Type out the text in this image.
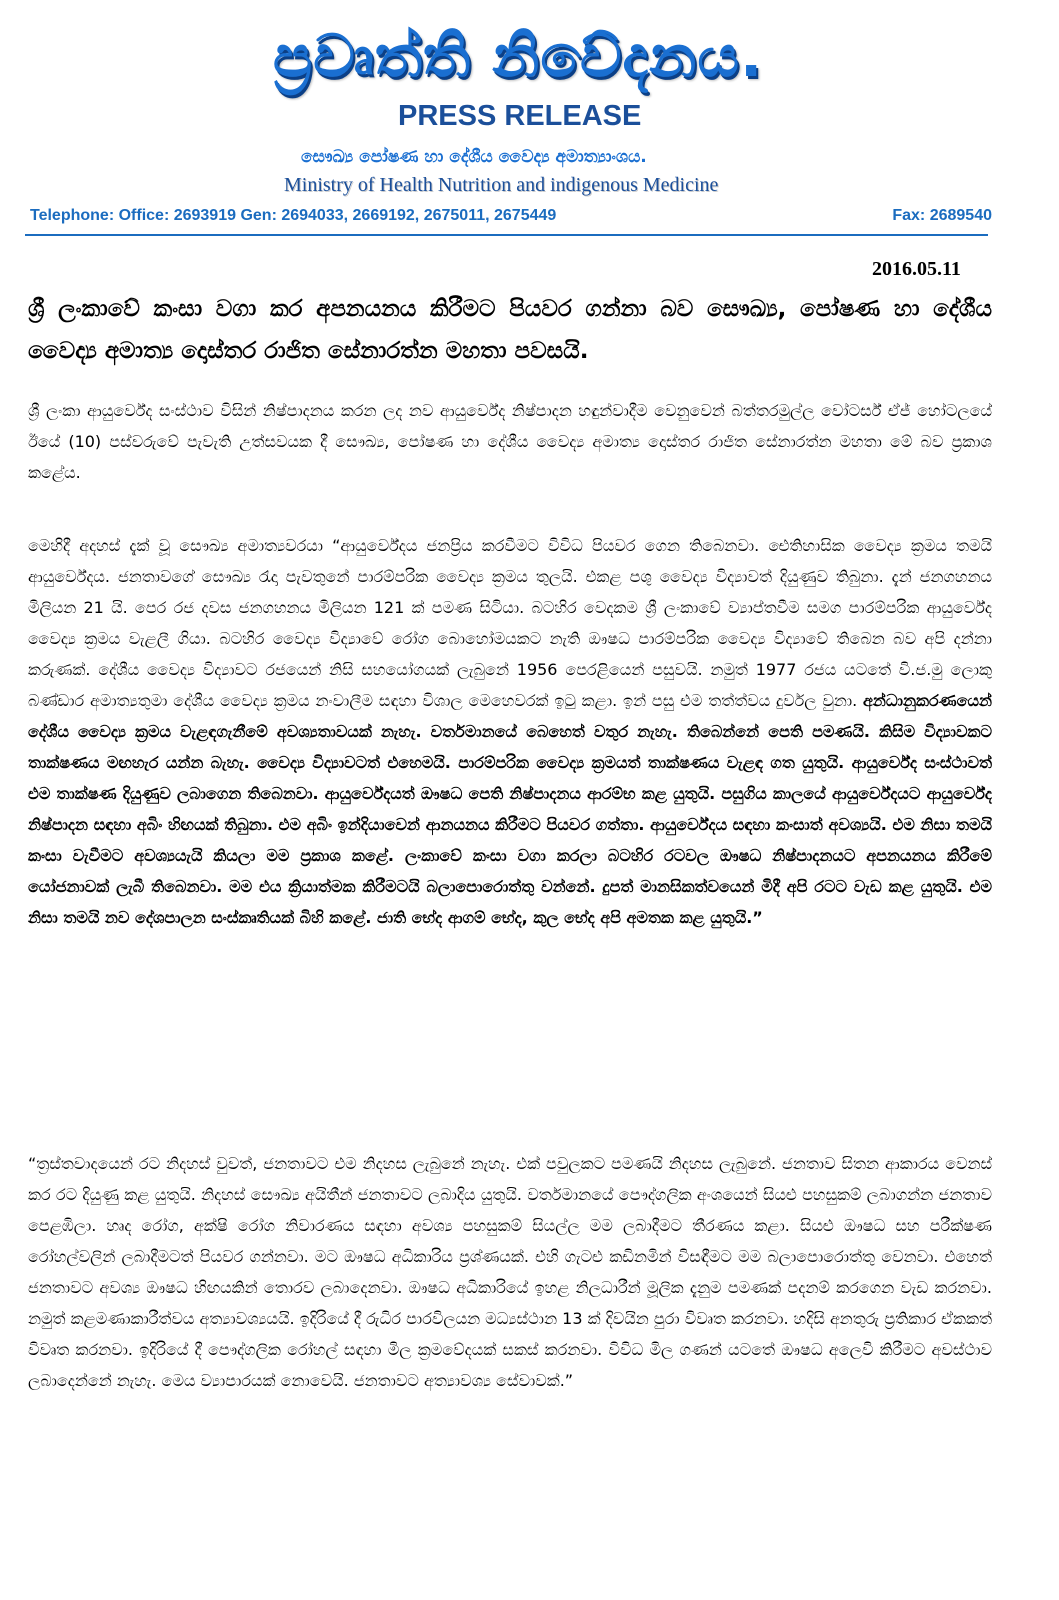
ප්‍රවෘත්ති නිවේදනය.
PRESS RELEASE
සෞඛ්‍ය පෝෂණ හා දේශීය වෛද්‍ය අමාත්‍යාංශය.
Ministry of Health Nutrition and indigenous Medicine
Telephone: Office: 2693919 Gen: 2694033, 2669192, 2675011, 2675449	Fax: 2689540
2016.05.11
ශ්‍රී ලංකාවේ කංසා වගා කර අපනයනය කිරීමට පියවර ගන්නා බව සෞඛ්‍ය, පෝෂණ හා දේශීය වෛද්‍ය අමාත්‍ය දොස්තර රාජිත සේනාරත්න මහතා පවසයි.
ශ්‍රී ලංකා ආයුර්වේද සංස්ථාව විසින් නිෂ්පාදනය කරන ලද නව ආයුර්වේද නිෂ්පාදන හඳුන්වාදීම වෙනුවෙන් බත්තරමුල්ල වෝටර්ස් ඒජ් හෝටලයේ ඊයේ (10) පස්වරුවේ පැවැති උත්සවයක දී සෞඛ්‍ය, පෝෂණ හා දේශීය වෛද්‍ය අමාත්‍ය දොස්තර රාජිත සේනාරත්න මහතා මේ බව ප්‍රකාශ කළේය.
මෙහිදී අදහස් දැක් වූ සෞඛ්‍ය අමාත්‍යවරයා “ආයුර්වේදය ජනප්‍රිය කරවීමට විවිධ පියවර ගෙන තිබෙනවා. ඓතිහාසික වෛද්‍ය ක්‍රමය තමයි ආයුර්වේදය. ජනතාවගේ සෞඛ්‍ය රැදා පැවතුනේ පාරම්පරික වෛද්‍ය ක්‍රමය තුලයි. එකළ පශු වෛද්‍ය විද්‍යාවත් දියුණුව තිබුනා. දැන් ජනගහනය මිලියන 21 යි. පෙර රජ දවස ජනගහනය මිලියන 121 ක් පමණ සිටියා. බටහිර වෙදකම ශ්‍රී ලංකාවේ ව්‍යාප්තවීම සමග පාරම්පරික ආයුර්වේද වෛද්‍ය ක්‍රමය වැළලී ගියා. බටහිර වෛද්‍ය විද්‍යාවේ රෝග බොහෝමයකට නැති ඖෂධ පාරම්පරික වෛද්‍ය විද්‍යාවේ තිබෙන බව අපි දන්නා කරුණක්. දේශීය වෛද්‍ය විද්‍යාවට රජයෙන් නිසි සහයෝගයක් ලැබුනේ 1956 පෙරළියෙන් පසුවයි. නමුත් 1977 රජය යටතේ වි.ජ.මු ලොකු බණ්ඩාර අමාත්‍යතුමා දේශීය වෛද්‍ය ක්‍රමය නංවාලීම සඳහා විශාල මෙහෙවරක් ඉටු කළා. ඉන් පසු එම තත්ත්වය දුර්වල වුනා. අන්ධානුකරණයෙන් දේශීය වෛද්‍ය ක්‍රමය වැළඳගැනීමේ අවශ්‍යතාවයක් නැහැ. වර්තමානයේ බෙහෙත් වතුර නැහැ. තිබෙන්නේ පෙති පමණයි. කිසිම විද්‍යාවකට තාක්ෂණය මඟහැර යන්න බැහැ. වෛද්‍ය විද්‍යාවටත් එහෙමයි. පාරම්පරික වෛද්‍ය ක්‍රමයත් තාක්ෂණය වැළඳ ගත යුතුයි. ආයුර්වේද සංස්ථාවත් එම තාක්ෂණ දියුණුව ලබාගෙන තිබෙනවා. ආයුර්වේදයත් ඖෂධ පෙති නිෂ්පාදනය ආරම්භ කළ යුතුයි. පසුගිය කාලයේ ආයුර්වේදයට ආයුර්වේද නිෂ්පාදන සඳහා අබිං හිඟයක් තිබුනා. එම අබිං ඉන්දියාවෙන් ආනයනය කිරීමට පියවර ගත්තා. ආයුර්වේදය සඳහා කංසාත් අවශ්‍යයි. එම නිසා තමයි කංසා වැවීමට අවශ්‍යයැයි කියලා මම ප්‍රකාශ කළේ. ලංකාවේ කංසා වගා කරලා බටහිර රටවල ඖෂධ නිෂ්පාදනයට අපනයනය කිරීමේ යෝජනාවක් ලැබී තිබෙනවා. මම එය ක්‍රියාත්මක කිරීමටයි බලාපොරොත්තු වන්නේ. දුපත් මානසිකත්වයෙන් මිදී අපි රටට වැඩ කළ යුතුයි. එම නිසා තමයි නව දේශපාලන සංස්කෘතියක් බිහි කළේ. ජාති භේද ආගම් භේද, කුල භේද අපි අමතක කළ යුතුයි.”
“ත්‍රස්තවාදයෙන් රට නිදහස් වුවත්, ජනතාවට එම නිදහස ලැබුනේ නැහැ. එක් පවුලකට පමණයි නිදහස ලැබුනේ. ජනතාව සිතන ආකාරය වෙනස් කර රට දියුණු කළ යුතුයි. නිදහස් සෞඛ්‍ය අයිතීන් ජනතාවට ලබාදිය යුතුයි. වර්තමානයේ පෞද්ගලික අංශයෙන් සියළු පහසුකම් ලබාගන්න ජනතාව පෙළඹිලා. හෘද රෝග, අක්ෂි රෝග නිවාරණය සඳහා අවශ්‍ය පහසුකම් සියල්ල මම ලබාදීමට තීරණය කළා. සියළු ඖෂධ සහ පරීක්ෂණ රෝහල්වලින් ලබාදීමටත් පියවර ගන්නවා. මට ඖෂධ අධිකාරිය ප්‍රශ්ණයක්. එහි ගැටළු කඩිනමින් විසඳීමට මම බලාපොරොත්තු වෙනවා. එහෙත් ජනතාවට අවශ්‍ය ඖෂධ හිඟයකින් තොරව ලබාදෙනවා. ඖෂධ අධිකාරියේ ඉහළ නිලධාරීන් මූලික දැනුම පමණක් පදනම් කරගෙන වැඩ කරනවා. නමුත් කළමණාකාරීත්වය අත්‍යාවශ්‍යයයි. ඉදිරියේ දී රුධිර පාරවිලයන මධ්‍යස්ථාන 13 ක් දිවයින පුරා විවෘත කරනවා. හදිසි අනතුරු ප්‍රතිකාර ඒකකත් විවෘත කරනවා. ඉදිරියේ දී පෞද්ගලික රෝහල් සඳහා මිල ක්‍රමවේදයක් සකස් කරනවා. විවිධ මිල ගණන් යටතේ ඖෂධ අලෙවි කිරීමට අවස්ථාව ලබාදෙන්නේ නැහැ. මෙය ව්‍යාපාරයක් නොවෙයි. ජනතාවට අත්‍යාවශ්‍ය සේවාවක්.”
